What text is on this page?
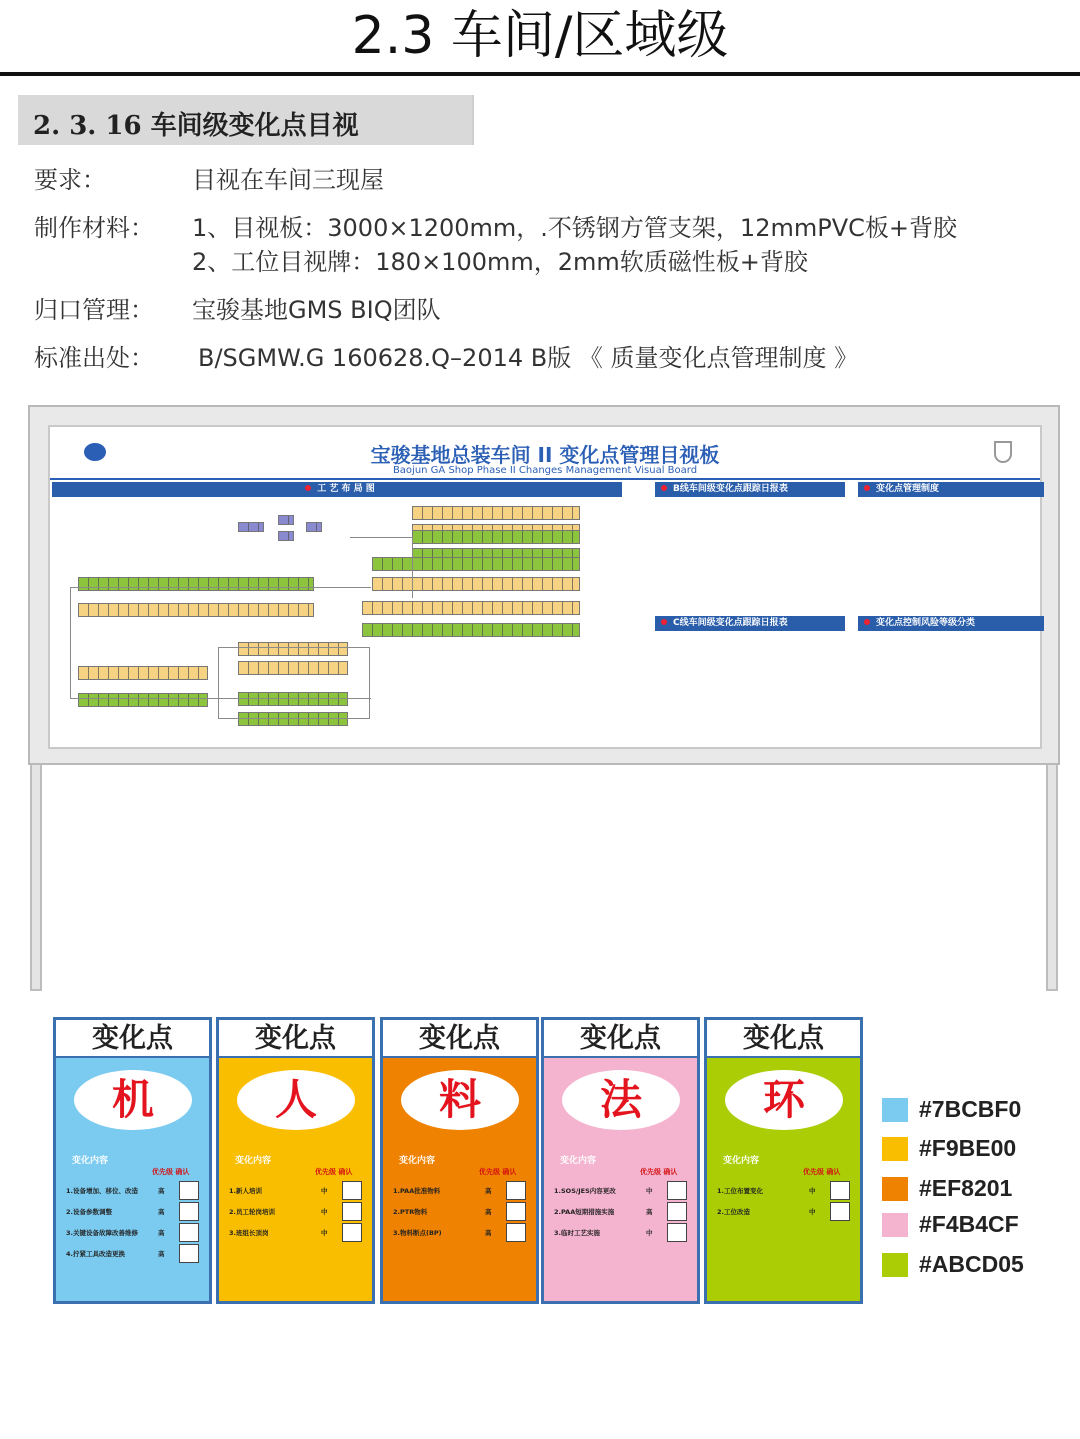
2.3 车间/区域级
2. 3. 16 车间级变化点目视
要求：	目视在车间三现屋
制作材料： 1、目视板：3000×1200mm，.不锈钢方管支架，12mmPVC板+背胶
2、工位目视牌：180×100mm，2mm软质磁性板+背胶
归口管理： 宝骏基地GMS BIQ团队
标准出处： B/SGMW.G 160628.Q–2014 B版 《 质量变化点管理制度 》
宝骏基地总装车间 II 变化点管理目视板
Baojun GA Shop Phase II Changes Management Visual Board
工 艺 布 局 图	B线车间级变化点跟踪日报表	变化点管理制度
C线车间级变化点跟踪日报表	变化点控制风险等级分类
变化点
机
变化内容
优先级 确认
1.设备增加、移位、改造	高
2.设备参数调整	高
3.关键设备故障改善维修	高
4.拧紧工具改造更换	高
变化点
人
变化内容
优先级 确认
1.新人培训	中
2.员工轮岗培训	中
3.班组长顶岗	中
变化点
料
变化内容
优先级 确认
1.PAA批准物料	高
2.PTR物料	高
3.物料断点(BP)	高
变化点
法
变化内容
优先级 确认
1.SOS/JES内容更改	中
2.PAA短期措施实施	高
3.临时工艺实施	中
变化点
环
变化内容
优先级 确认
1.工位布置变化	中
2.工位改造	中
#7BCBF0
#F9BE00
#EF8201
#F4B4CF
#ABCD05
